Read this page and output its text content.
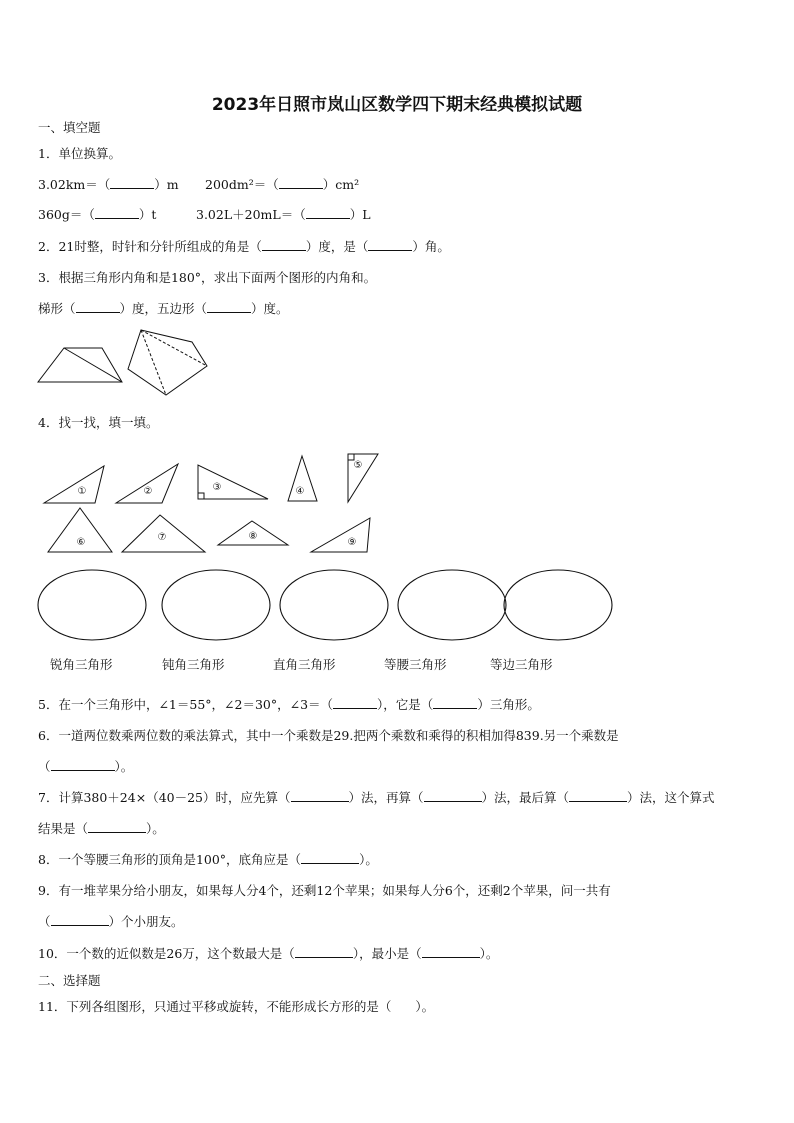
2023年日照市岚山区数学四下期末经典模拟试题
一、填空题
1．单位换算。
3.02km＝（	）m 200dm²＝（	）cm²
360g＝（	）t	3.02L＋20mL＝（	）L
2．21时整，时针和分针所组成的角是（	）度，是（	）角。
3．根据三角形内角和是180°，求出下面两个图形的内角和。
梯形（	）度，五边形（	）度。
4．找一找，填一填。
①	②	③	④
⑤
⑥	⑦	⑧
⑨
锐角三角形	钝角三角形	直角三角形	等腰三角形	等边三角形
5．在一个三角形中，∠1＝55°，∠2＝30°，∠3＝（	），它是（	）三角形。
6．一道两位数乘两位数的乘法算式，其中一个乘数是29.把两个乘数和乘得的积相加得839.另一个乘数是
（	）。
7．计算380＋24×（40－25）时，应先算（	）法，再算（	）法，最后算（	）法，这个算式
结果是（	）。
8．一个等腰三角形的顶角是100°，底角应是（	）。
9．有一堆苹果分给小朋友，如果每人分4个，还剩12个苹果；如果每人分6个，还剩2个苹果，问一共有
（	）个小朋友。
10．一个数的近似数是26万，这个数最大是（	），最小是（	）。
二、选择题
11．下列各组图形，只通过平移或旋转，不能形成长方形的是（ ）。
